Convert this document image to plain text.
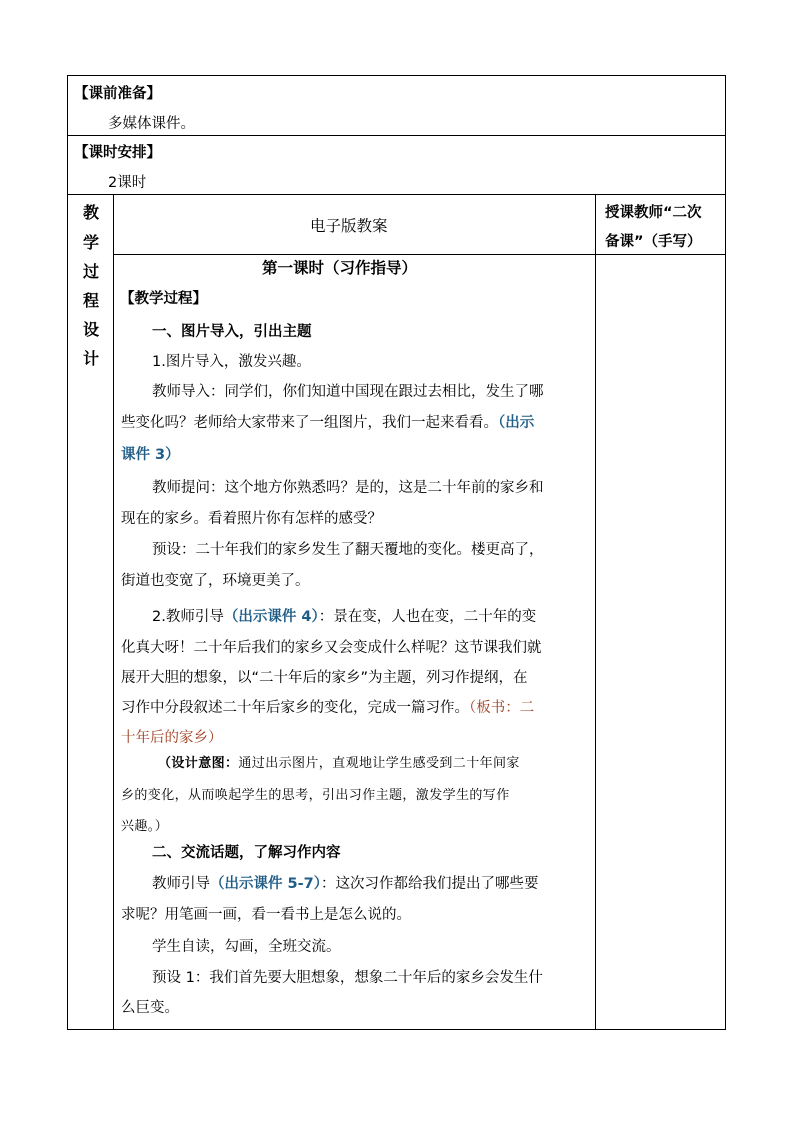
【课前准备】
多媒体课件。
【课时安排】
2课时
教
学
过
程
设
计
电子版教案
授课教师“二次
备课”（手写）
第一课时（习作指导）
【教学过程】
一、图片导入，引出主题
1.图片导入，激发兴趣。
教师导入：同学们，你们知道中国现在跟过去相比，发生了哪
些变化吗？老师给大家带来了一组图片，我们一起来看看。（出示
课件 3）
教师提问：这个地方你熟悉吗？是的，这是二十年前的家乡和
现在的家乡。看着照片你有怎样的感受？
预设：二十年我们的家乡发生了翻天覆地的变化。楼更高了，
街道也变宽了，环境更美了。
2.教师引导（出示课件 4）：景在变，人也在变，二十年的变
化真大呀！二十年后我们的家乡又会变成什么样呢？这节课我们就
展开大胆的想象，以“二十年后的家乡”为主题，列习作提纲，在
习作中分段叙述二十年后家乡的变化，完成一篇习作。（板书：二
十年后的家乡）
（设计意图：通过出示图片，直观地让学生感受到二十年间家
乡的变化，从而唤起学生的思考，引出习作主题，激发学生的写作
兴趣。）
二、交流话题，了解习作内容
教师引导（出示课件 5-7）：这次习作都给我们提出了哪些要
求呢？用笔画一画，看一看书上是怎么说的。
学生自读，勾画，全班交流。
预设 1：我们首先要大胆想象，想象二十年后的家乡会发生什
么巨变。
